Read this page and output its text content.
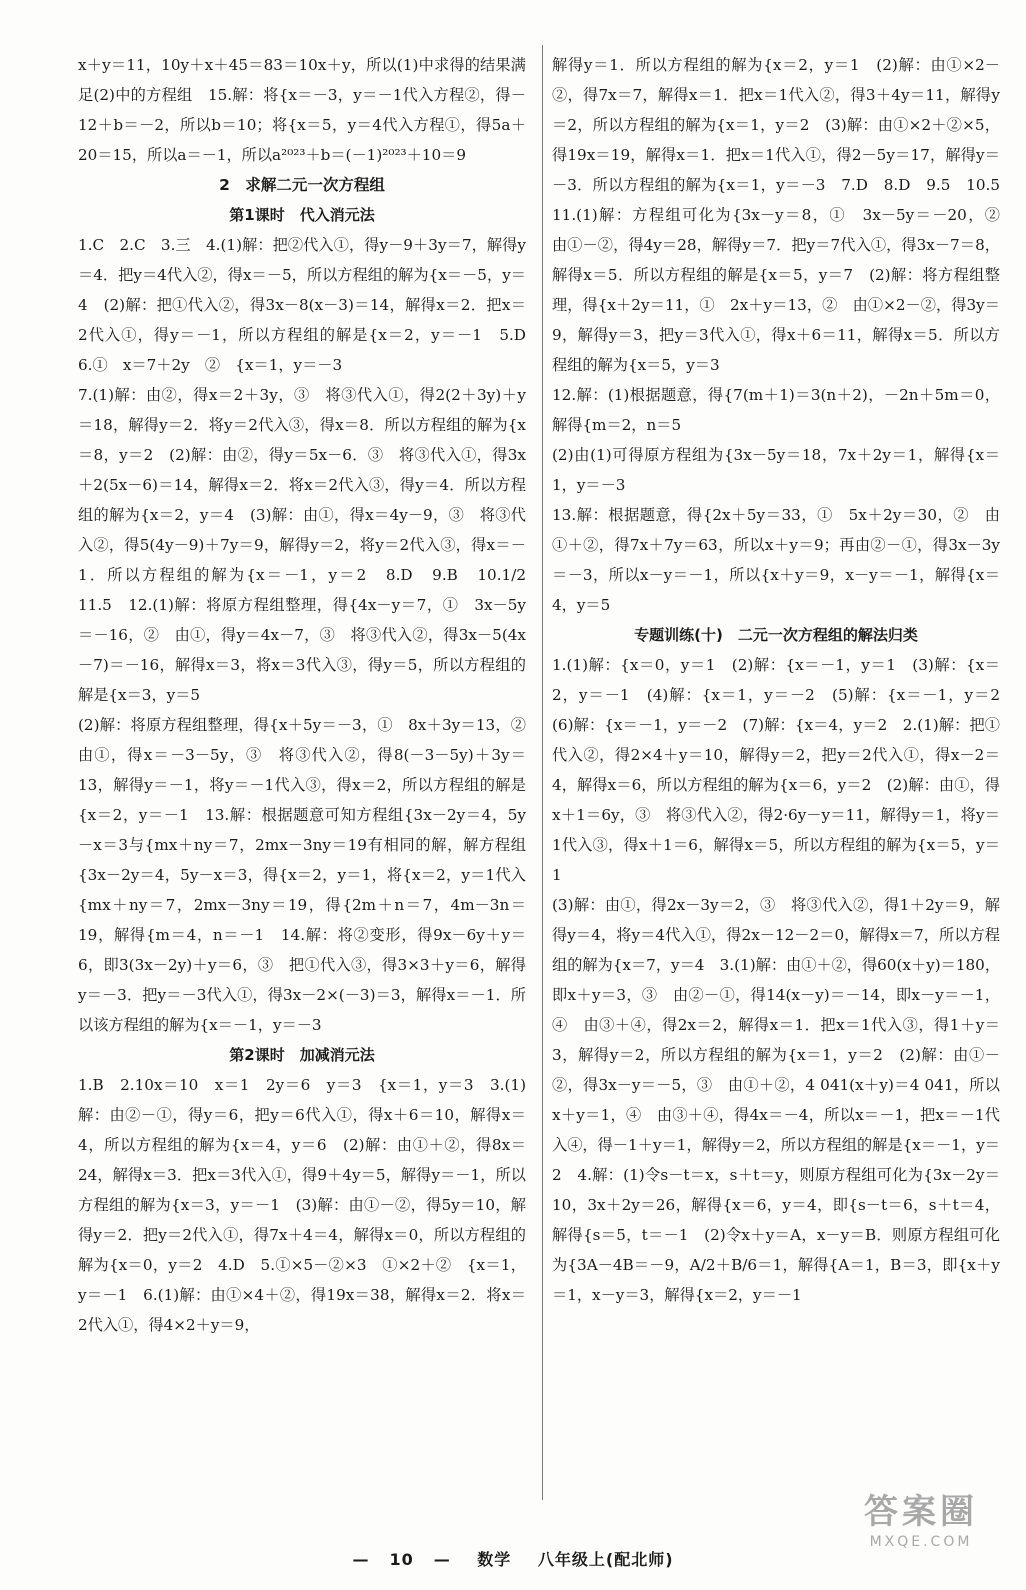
x＋y＝11，10y＋x＋45＝83＝10x＋y，所以(1)中求得的结果满足(2)中的方程组　15.解：将{x＝－3，y＝－1代入方程②，得－12＋b＝－2，所以b＝10；将{x＝5，y＝4代入方程①，得5a＋20＝15，所以a＝－1，所以a²⁰²³＋b＝(－1)²⁰²³＋10＝9

2　求解二元一次方程组

第1课时　代入消元法

1.C　2.C　3.三　4.(1)解：把②代入①，得y－9＋3y＝7，解得y＝4．把y＝4代入②，得x＝－5，所以方程组的解为{x＝－5，y＝4　(2)解：把①代入②，得3x－8(x－3)＝14，解得x＝2．把x＝2代入①，得y＝－1，所以方程组的解是{x＝2，y＝－1　5.D　6.①　x＝7＋2y　②　{x＝1，y＝－3

7.(1)解：由②，得x＝2＋3y，③　将③代入①，得2(2＋3y)＋y＝18，解得y＝2．将y＝2代入③，得x＝8．所以方程组的解为{x＝8，y＝2　(2)解：由②，得y＝5x－6．③　将③代入①，得3x＋2(5x－6)＝14，解得x＝2．将x＝2代入③，得y＝4．所以方程组的解为{x＝2，y＝4　(3)解：由①，得x＝4y－9，③　将③代入②，得5(4y－9)＋7y＝9，解得y＝2，将y＝2代入③，得x＝－1．所以方程组的解为{x＝－1，y＝2　8.D　9.B　10.1/2　11.5　12.(1)解：将原方程组整理，得{4x－y＝7，①　3x－5y＝－16，②　由①，得y＝4x－7，③　将③代入②，得3x－5(4x－7)＝－16，解得x＝3，将x＝3代入③，得y＝5，所以方程组的解是{x＝3，y＝5

(2)解：将原方程组整理，得{x＋5y＝－3，①　8x＋3y＝13，②　由①，得x＝－3－5y，③　将③代入②，得8(－3－5y)＋3y＝13，解得y＝－1，将y＝－1代入③，得x＝2，所以方程组的解是{x＝2，y＝－1　13.解：根据题意可知方程组{3x－2y＝4，5y－x＝3与{mx＋ny＝7，2mx－3ny＝19有相同的解，解方程组{3x－2y＝4，5y－x＝3，得{x＝2，y＝1，将{x＝2，y＝1代入{mx＋ny＝7，2mx－3ny＝19，得{2m＋n＝7，4m－3n＝19，解得{m＝4，n＝－1　14.解：将②变形，得9x－6y＋y＝6，即3(3x－2y)＋y＝6，③　把①代入③，得3×3＋y＝6，解得y＝－3．把y＝－3代入①，得3x－2×(－3)＝3，解得x＝－1．所以该方程组的解为{x＝－1，y＝－3

第2课时　加减消元法

1.B　2.10x＝10　x＝1　2y＝6　y＝3　{x＝1，y＝3　3.(1)解：由②－①，得y＝6，把y＝6代入①，得x＋6＝10，解得x＝4，所以方程组的解为{x＝4，y＝6　(2)解：由①＋②，得8x＝24，解得x＝3．把x＝3代入①，得9＋4y＝5，解得y＝－1，所以方程组的解为{x＝3，y＝－1　(3)解：由①－②，得5y＝10，解得y＝2．把y＝2代入①，得7x＋4＝4，解得x＝0，所以方程组的解为{x＝0，y＝2　4.D　5.①×5－②×3　①×2＋②　{x＝1，y＝－1　6.(1)解：由①×4＋②，得19x＝38，解得x＝2．将x＝2代入①，得4×2＋y＝9，

解得y＝1．所以方程组的解为{x＝2，y＝1　(2)解：由①×2－②，得7x＝7，解得x＝1．把x＝1代入②，得3＋4y＝11，解得y＝2，所以方程组的解为{x＝1，y＝2　(3)解：由①×2＋②×5，得19x＝19，解得x＝1．把x＝1代入①，得2－5y＝17，解得y＝－3．所以方程组的解为{x＝1，y＝－3　7.D　8.D　9.5　10.5　11.(1)解：方程组可化为{3x－y＝8，①　3x－5y＝－20，②　由①－②，得4y＝28，解得y＝7．把y＝7代入①，得3x－7＝8，解得x＝5．所以方程组的解是{x＝5，y＝7　(2)解：将方程组整理，得{x＋2y＝11，①　2x＋y＝13，②　由①×2－②，得3y＝9，解得y＝3，把y＝3代入①，得x＋6＝11，解得x＝5．所以方程组的解为{x＝5，y＝3

12.解：(1)根据题意，得{7(m＋1)＝3(n＋2)，－2n＋5m＝0，解得{m＝2，n＝5

(2)由(1)可得原方程组为{3x－5y＝18，7x＋2y＝1，解得{x＝1，y＝－3

13.解：根据题意，得{2x＋5y＝33，①　5x＋2y＝30，②　由①＋②，得7x＋7y＝63，所以x＋y＝9；再由②－①，得3x－3y＝－3，所以x－y＝－1，所以{x＋y＝9，x－y＝－1，解得{x＝4，y＝5

专题训练(十)　二元一次方程组的解法归类

1.(1)解：{x＝0，y＝1　(2)解：{x＝－1，y＝1　(3)解：{x＝2，y＝－1　(4)解：{x＝1，y＝－2　(5)解：{x＝－1，y＝2　(6)解：{x＝－1，y＝－2　(7)解：{x＝4，y＝2　2.(1)解：把①代入②，得2×4＋y＝10，解得y＝2，把y＝2代入①，得x－2＝4，解得x＝6，所以方程组的解为{x＝6，y＝2　(2)解：由①，得x＋1＝6y，③　将③代入②，得2·6y－y＝11，解得y＝1，将y＝1代入③，得x＋1＝6，解得x＝5，所以方程组的解为{x＝5，y＝1

(3)解：由①，得2x－3y＝2，③　将③代入②，得1＋2y＝9，解得y＝4，将y＝4代入①，得2x－12－2＝0，解得x＝7，所以方程组的解为{x＝7，y＝4　3.(1)解：由①＋②，得60(x＋y)＝180，即x＋y＝3，③　由②－①，得14(x－y)＝－14，即x－y＝－1，④　由③＋④，得2x＝2，解得x＝1．把x＝1代入③，得1＋y＝3，解得y＝2，所以方程组的解为{x＝1，y＝2　(2)解：由①－②，得3x－y＝－5，③　由①＋②，4 041(x＋y)＝4 041，所以x＋y＝1，④　由③＋④，得4x＝－4，所以x＝－1，把x＝－1代入④，得－1＋y＝1，解得y＝2，所以方程组的解是{x＝－1，y＝2　4.解：(1)令s－t＝x，s＋t＝y，则原方程组可化为{3x－2y＝10，3x＋2y＝26，解得{x＝6，y＝4，即{s－t＝6，s＋t＝4，解得{s＝5，t＝－1　(2)令x＋y＝A，x－y＝B．则原方程组可化为{3A－4B＝－9，A/2＋B/6＝1，解得{A＝1，B＝3，即{x＋y＝1，x－y＝3，解得{x＝2，y＝－1

— 10 — 数学 八年级上(配北师)
答案圈
MXQE.COM
